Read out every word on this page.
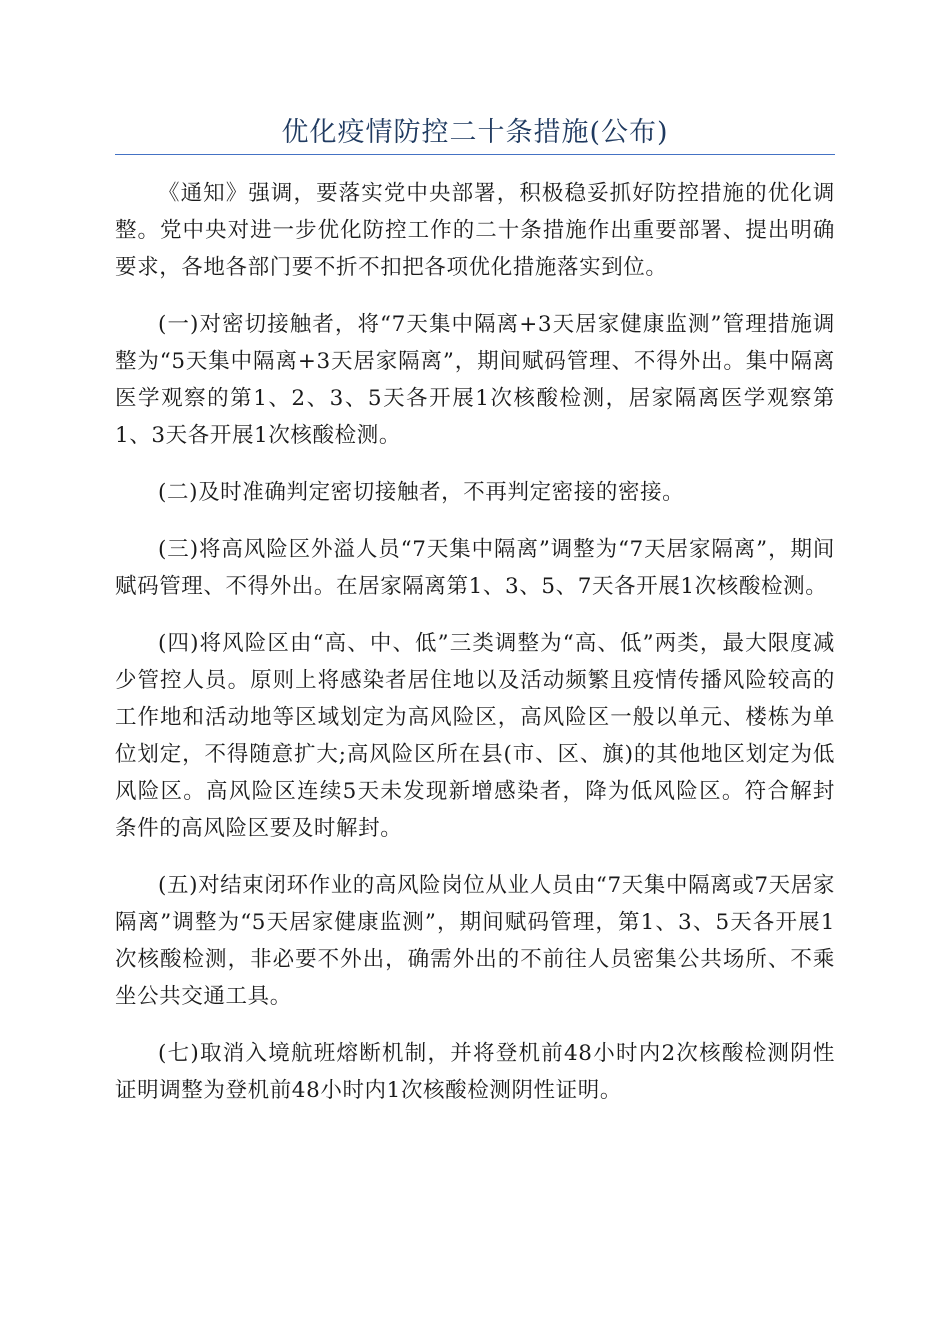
优化疫情防控二十条措施(公布)

《通知》强调，要落实党中央部署，积极稳妥抓好防控措施的优化调整。党中央对进一步优化防控工作的二十条措施作出重要部署、提出明确要求，各地各部门要不折不扣把各项优化措施落实到位。

(一)对密切接触者，将“7天集中隔离+3天居家健康监测”管理措施调整为“5天集中隔离+3天居家隔离”，期间赋码管理、不得外出。集中隔离医学观察的第1、2、3、5天各开展1次核酸检测，居家隔离医学观察第1、3天各开展1次核酸检测。

(二)及时准确判定密切接触者，不再判定密接的密接。

(三)将高风险区外溢人员“7天集中隔离”调整为“7天居家隔离”，期间赋码管理、不得外出。在居家隔离第1、3、5、7天各开展1次核酸检测。

(四)将风险区由“高、中、低”三类调整为“高、低”两类，最大限度减少管控人员。原则上将感染者居住地以及活动频繁且疫情传播风险较高的工作地和活动地等区域划定为高风险区，高风险区一般以单元、楼栋为单位划定，不得随意扩大;高风险区所在县(市、区、旗)的其他地区划定为低风险区。高风险区连续5天未发现新增感染者，降为低风险区。符合解封条件的高风险区要及时解封。

(五)对结束闭环作业的高风险岗位从业人员由“7天集中隔离或7天居家隔离”调整为“5天居家健康监测”，期间赋码管理，第1、3、5天各开展1次核酸检测，非必要不外出，确需外出的不前往人员密集公共场所、不乘坐公共交通工具。

(七)取消入境航班熔断机制，并将登机前48小时内2次核酸检测阴性证明调整为登机前48小时内1次核酸检测阴性证明。
